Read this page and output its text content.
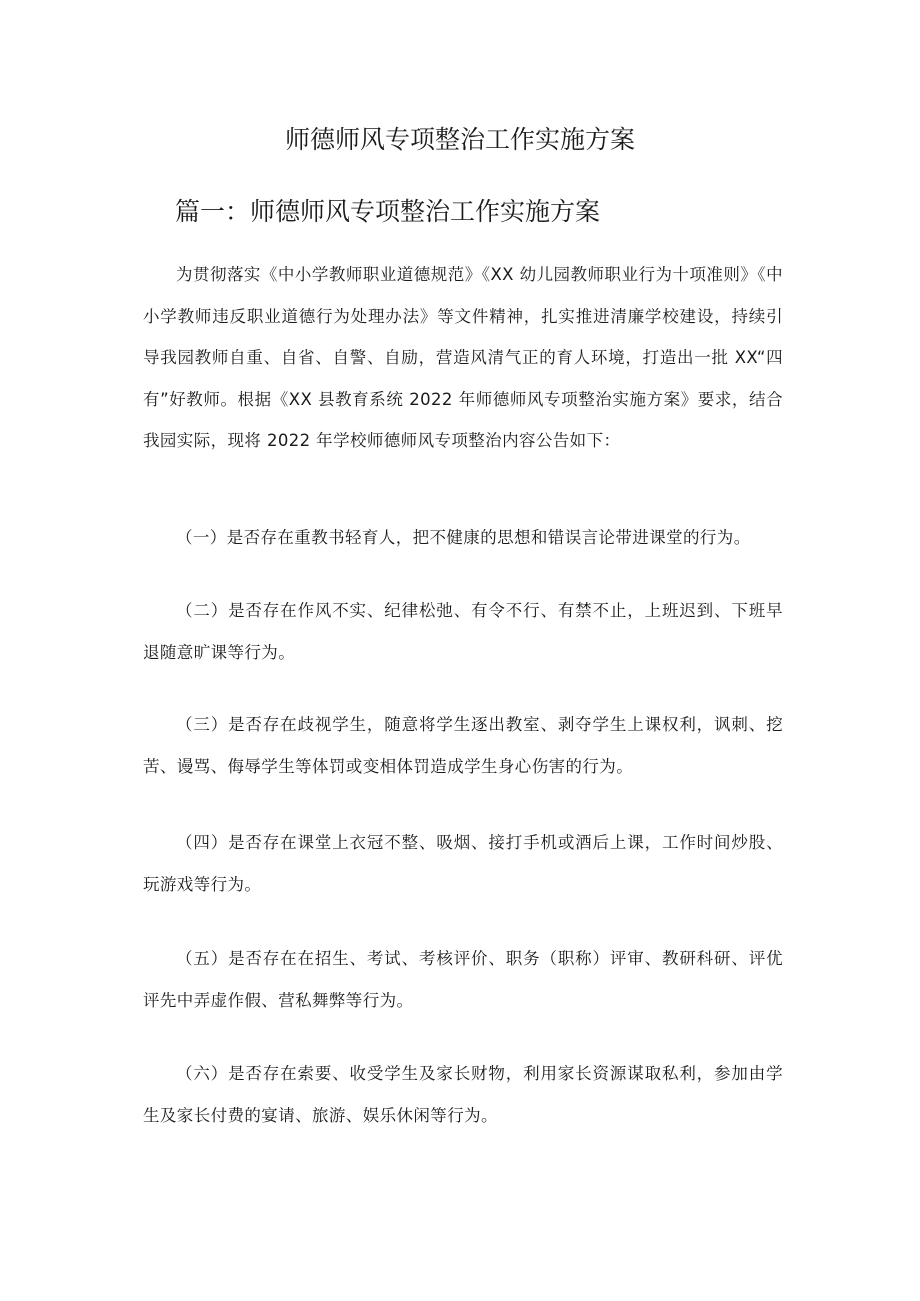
师德师风专项整治工作实施方案
篇一：师德师风专项整治工作实施方案

为贯彻落实《中小学教师职业道德规范》《XX 幼儿园教师职业行为十项准则》《中小学教师违反职业道德行为处理办法》等文件精神，扎实推进清廉学校建设，持续引导我园教师自重、自省、自警、自励，营造风清气正的育人环境，打造出一批 XX“四有”好教师。根据《XX 县教育系统 2022 年师德师风专项整治实施方案》要求，结合我园实际，现将 2022 年学校师德师风专项整治内容公告如下：

（一）是否存在重教书轻育人，把不健康的思想和错误言论带进课堂的行为。

（二）是否存在作风不实、纪律松弛、有令不行、有禁不止，上班迟到、下班早退随意旷课等行为。

（三）是否存在歧视学生，随意将学生逐出教室、剥夺学生上课权利，讽刺、挖苦、谩骂、侮辱学生等体罚或变相体罚造成学生身心伤害的行为。

（四）是否存在课堂上衣冠不整、吸烟、接打手机或酒后上课，工作时间炒股、玩游戏等行为。

（五）是否存在在招生、考试、考核评价、职务（职称）评审、教研科研、评优评先中弄虚作假、营私舞弊等行为。

（六）是否存在索要、收受学生及家长财物，利用家长资源谋取私利，参加由学生及家长付费的宴请、旅游、娱乐休闲等行为。
